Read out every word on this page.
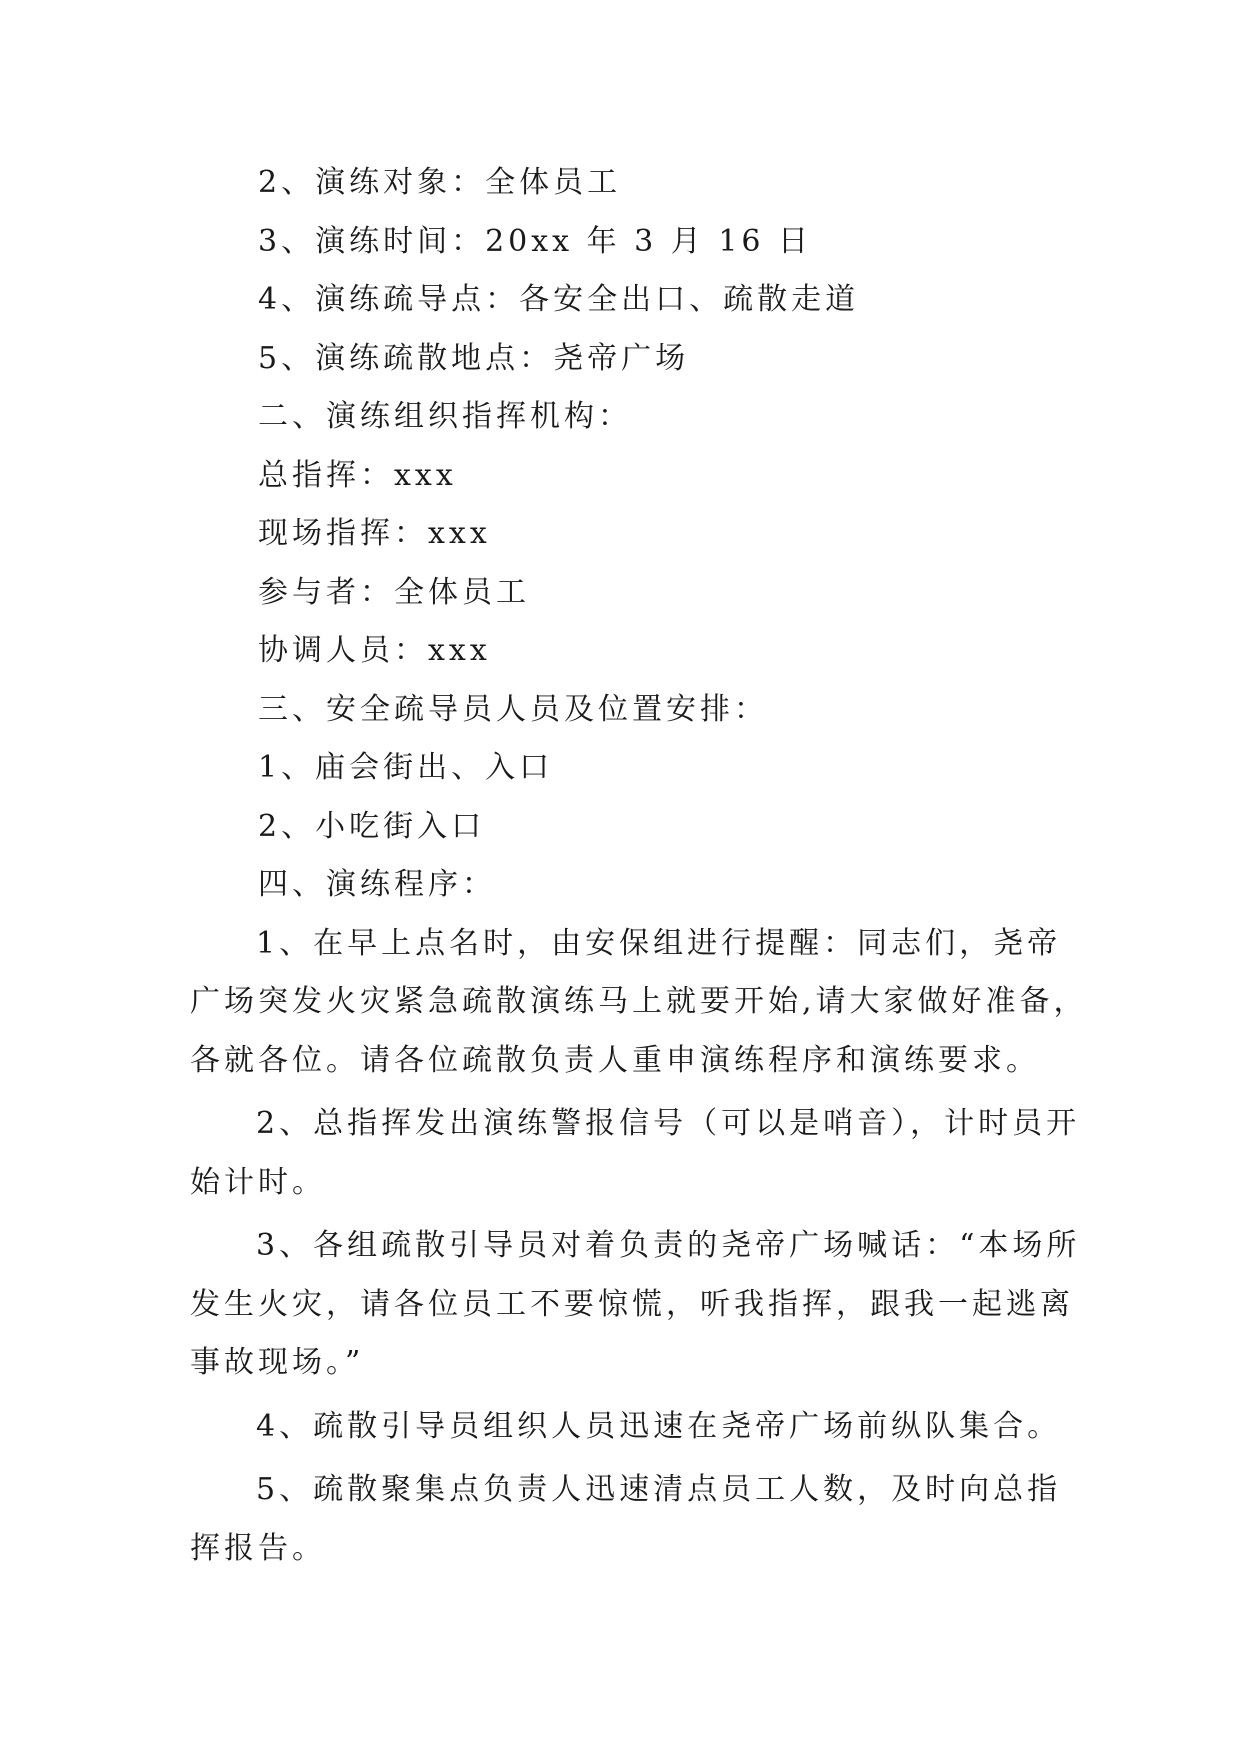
2、演练对象：全体员工
3、演练时间：20xx 年 3 月 16 日
4、演练疏导点：各安全出口、疏散走道
5、演练疏散地点：尧帝广场
二、演练组织指挥机构：
总指挥：xxx
现场指挥：xxx
参与者：全体员工
协调人员：xxx
三、安全疏导员人员及位置安排：
1、庙会街出、入口
2、小吃街入口
四、演练程序：
1、在早上点名时，由安保组进行提醒：同志们，尧帝
广场突发火灾紧急疏散演练马上就要开始,请大家做好准备，
各就各位。请各位疏散负责人重申演练程序和演练要求。
2、总指挥发出演练警报信号（可以是哨音），计时员开
始计时。
3、各组疏散引导员对着负责的尧帝广场喊话：“本场所
发生火灾，请各位员工不要惊慌，听我指挥，跟我一起逃离
事故现场。”
4、疏散引导员组织人员迅速在尧帝广场前纵队集合。
5、疏散聚集点负责人迅速清点员工人数，及时向总指
挥报告。
